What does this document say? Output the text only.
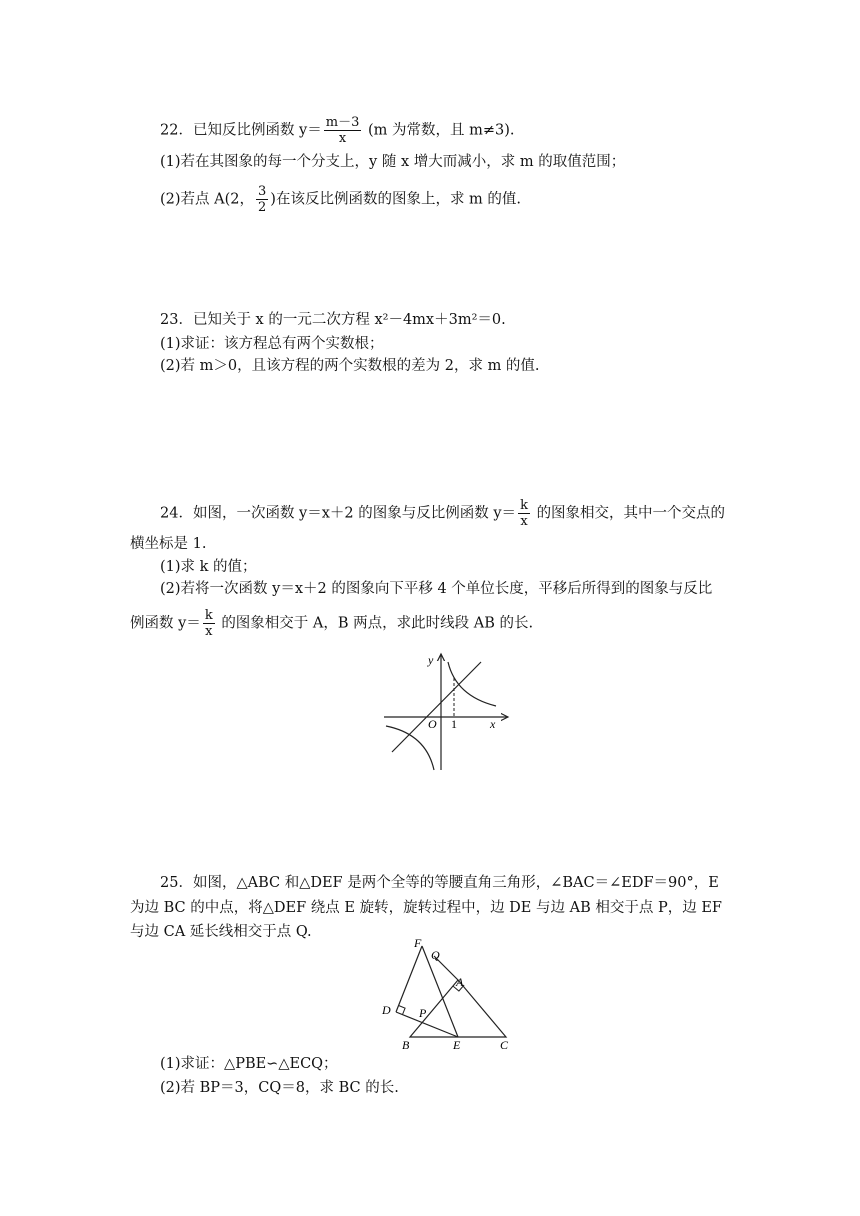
22．已知反比例函数 $y= \frac{m-3}{x} (m$ 为常数，且 m≠3).
(1)若在其图象的每一个分支上，y 随 x 增大而减小，求 m 的取值范围；
(2)若点 A(2， $\frac{3}{2}$ )在该反比例函数的图象上，求 m 的值.
23．已知关于 x 的一元二次方程 x²－4mx＋3m²＝0.
(1)求证：该方程总有两个实数根；
(2)若 m＞0，且该方程的两个实数根的差为 2，求 m 的值.
24．如图，一次函数 y＝x＋2 的图象与反比例函数 $y= \frac{k}{x}$ 的图象相交，其中一个交点的
横坐标是 1.
(1)求 k 的值；
(2)若将一次函数 y＝x＋2 的图象向下平移 4 个单位长度，平移后所得到的图象与反比
例函数 $y= \frac{k}{x}$ 的图象相交于 A，B 两点，求此时线段 AB 的长.
y
x
O 1
25．如图，△ABC 和△DEF 是两个全等的等腰直角三角形，∠BAC＝∠EDF＝90°，E
为边 BC 的中点，将△DEF 绕点 E 旋转，旋转过程中，边 DE 与边 AB 相交于点 P，边 EF
与边 CA 延长线相交于点 Q.
F
Q
A
D P
B	E	C
(1)求证：△PBE∽△ECQ；
(2)若 BP＝3，CQ＝8，求 BC 的长.
